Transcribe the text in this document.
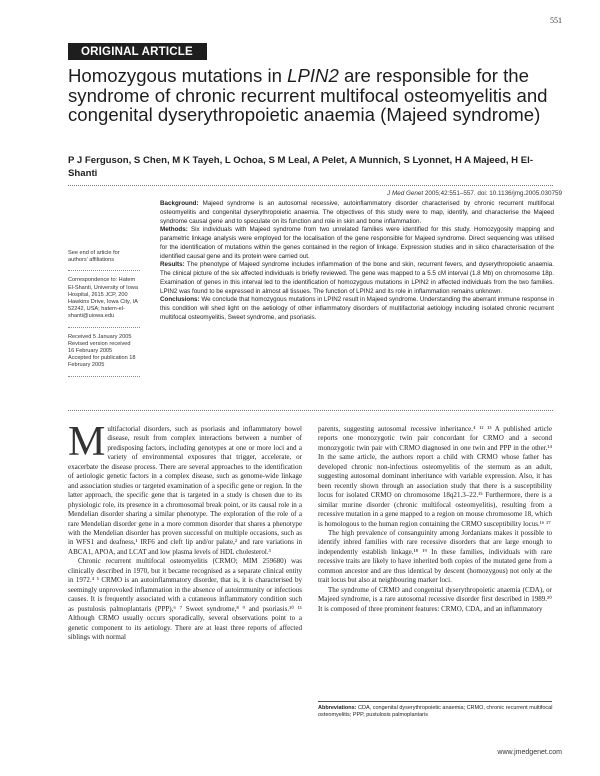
551
ORIGINAL ARTICLE
Homozygous mutations in LPIN2 are responsible for the syndrome of chronic recurrent multifocal osteomyelitis and congenital dyserythropoietic anaemia (Majeed syndrome)
P J Ferguson, S Chen, M K Tayeh, L Ochoa, S M Leal, A Pelet, A Munnich, S Lyonnet, H A Majeed, H El-Shanti
J Med Genet 2005;42:551–557. doi: 10.1136/jmg.2005.030759

See end of article for authors' affiliations

Correspondence to: Hatem El-Shanti, University of Iowa Hospital, 2615 JCP, 200 Hawkins Drive, Iowa City, IA 52242, USA; hatem-el-shanti@uiowa.edu

Received 5 January 2005

Revised version received 16 February 2005

Accepted for publication 18 February 2005

Background: Majeed syndrome is an autosomal recessive, autoinflammatory disorder characterised by chronic recurrent multifocal osteomyelitis and congenital dyserythropoietic anaemia. The objectives of this study were to map, identify, and characterise the Majeed syndrome causal gene and to speculate on its function and role in skin and bone inflammation.

Methods: Six individuals with Majeed syndrome from two unrelated families were identified for this study. Homozygosity mapping and parametric linkage analysis were employed for the localisation of the gene responsible for Majeed syndrome. Direct sequencing was utilised for the identification of mutations within the genes contained in the region of linkage. Expression studies and in silico characterisation of the identified causal gene and its protein were carried out.

Results: The phenotype of Majeed syndrome includes inflammation of the bone and skin, recurrent fevers, and dyserythropoietic anaemia. The clinical picture of the six affected individuals is briefly reviewed. The gene was mapped to a 5.5 cM interval (1.8 Mb) on chromosome 18p. Examination of genes in this interval led to the identification of homozygous mutations in LPIN2 in affected individuals from the two families. LPIN2 was found to be expressed in almost all tissues. The function of LPIN2 and its role in inflammation remains unknown.

Conclusions: We conclude that homozygous mutations in LPIN2 result in Majeed syndrome. Understanding the aberrant immune response in this condition will shed light on the aetiology of other inflammatory disorders of multifactorial aetiology including isolated chronic recurrent multifocal osteomyelitis, Sweet syndrome, and psoriasis.

Multifactorial disorders, such as psoriasis and inflammatory bowel disease, result from complex interactions between a number of predisposing factors, including genotypes at one or more loci and a variety of environmental exposures that trigger, accelerate, or exacerbate the disease process. There are several approaches to the identification of aetiologic genetic factors in a complex disease, such as genome-wide linkage and association studies or targeted examination of a specific gene or region. In the latter approach, the specific gene that is targeted in a study is chosen due to its physiologic role, its presence in a chromosomal break point, or its causal role in a Mendelian disorder sharing a similar phenotype. The exploration of the role of a rare Mendelian disorder gene in a more common disorder that shares a phenotype with the Mendelian disorder has proven successful on multiple occasions, such as in WFS1 and deafness,¹ IRF6 and cleft lip and/or palate,² and rare variations in ABCA1, APOA, and LCAT and low plasma levels of HDL cholesterol.³

Chronic recurrent multifocal osteomyelitis (CRMO; MIM 259680) was clinically described in 1970, but it became recognised as a separate clinical entity in 1972.⁴ ⁵ CRMO is an autoinflammatory disorder, that is, it is characterised by seemingly unprovoked inflammation in the absence of autoimmunity or infectious causes. It is frequently associated with a cutaneous inflammatory condition such as pustulosis palmoplantaris (PPP),⁶ ⁷ Sweet syndrome,⁸ ⁹ and psoriasis.¹⁰ ¹¹ Although CRMO usually occurs sporadically, several observations point to a genetic component to its aetiology. There are at least three reports of affected siblings with normal

parents, suggesting autosomal recessive inheritance.⁴ ¹² ¹³ A published article reports one monozygotic twin pair concordant for CRMO and a second monozygotic twin pair with CRMO diagnosed in one twin and PPP in the other.¹⁴ In the same article, the authors report a child with CRMO whose father has developed chronic non-infectious osteomyelitis of the sternum as an adult, suggesting autosomal dominant inheritance with variable expression. Also, it has been recently shown through an association study that there is a susceptibility locus for isolated CRMO on chromosome 18q21.3–22.¹⁵ Furthermore, there is a similar murine disorder (chronic multifocal osteomyelitis), resulting from a recessive mutation in a gene mapped to a region on mouse chromosome 18, which is homologous to the human region containing the CRMO susceptibility locus.¹⁶ ¹⁷

The high prevalence of consanguinity among Jordanians makes it possible to identify inbred families with rare recessive disorders that are large enough to independently establish linkage.¹⁸ ¹⁹ In these families, individuals with rare recessive traits are likely to have inherited both copies of the mutated gene from a common ancestor and are thus identical by descent (homozygous) not only at the trait locus but also at neighbouring marker loci.

The syndrome of CRMO and congenital dyserythropoietic anaemia (CDA), or Majeed syndrome, is a rare autosomal recessive disorder first described in 1989.²⁰ It is composed of three prominent features: CRMO, CDA, and an inflammatory

Abbreviations: CDA, congenital dyserythropoietic anaemia; CRMO, chronic recurrent multifocal osteomyelitis; PPP, pustulosis palmoplantaris
www.jmedgenet.com
